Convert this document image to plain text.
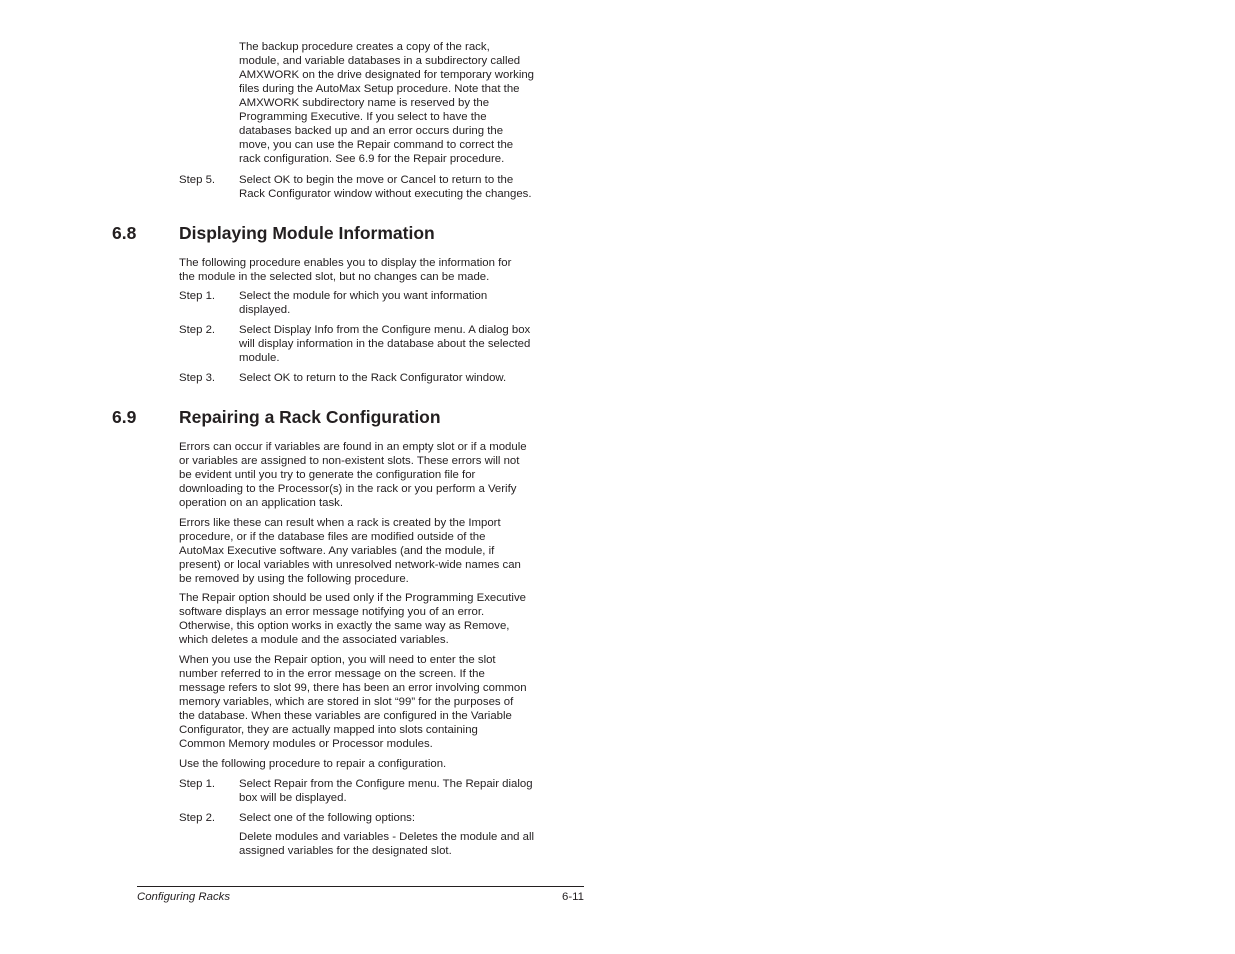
The backup procedure creates a copy of the rack,
module, and variable databases in a subdirectory called
AMXWORK on the drive designated for temporary working
files during the AutoMax Setup procedure. Note that the
AMXWORK subdirectory name is reserved by the
Programming Executive. If you select to have the
databases backed up and an error occurs during the
move, you can use the Repair command to correct the
rack configuration. See 6.9 for the Repair procedure.
Step 5. Select OK to begin the move or Cancel to return to the
Rack Configurator window without executing the changes.
6.8 Displaying Module Information
The following procedure enables you to display the information for
the module in the selected slot, but no changes can be made.
Step 1. Select the module for which you want information
displayed.
Step 2. Select Display Info from the Configure menu. A dialog box
will display information in the database about the selected
module.
Step 3. Select OK to return to the Rack Configurator window.
6.9 Repairing a Rack Configuration
Errors can occur if variables are found in an empty slot or if a module
or variables are assigned to non-existent slots. These errors will not
be evident until you try to generate the configuration file for
downloading to the Processor(s) in the rack or you perform a Verify
operation on an application task.
Errors like these can result when a rack is created by the Import
procedure, or if the database files are modified outside of the
AutoMax Executive software. Any variables (and the module, if
present) or local variables with unresolved network-wide names can
be removed by using the following procedure.
The Repair option should be used only if the Programming Executive
software displays an error message notifying you of an error.
Otherwise, this option works in exactly the same way as Remove,
which deletes a module and the associated variables.
When you use the Repair option, you will need to enter the slot
number referred to in the error message on the screen. If the
message refers to slot 99, there has been an error involving common
memory variables, which are stored in slot “99” for the purposes of
the database. When these variables are configured in the Variable
Configurator, they are actually mapped into slots containing
Common Memory modules or Processor modules.
Use the following procedure to repair a configuration.
Step 1. Select Repair from the Configure menu. The Repair dialog
box will be displayed.
Step 2. Select one of the following options:
Delete modules and variables - Deletes the module and all
assigned variables for the designated slot.
Configuring Racks	6-11
